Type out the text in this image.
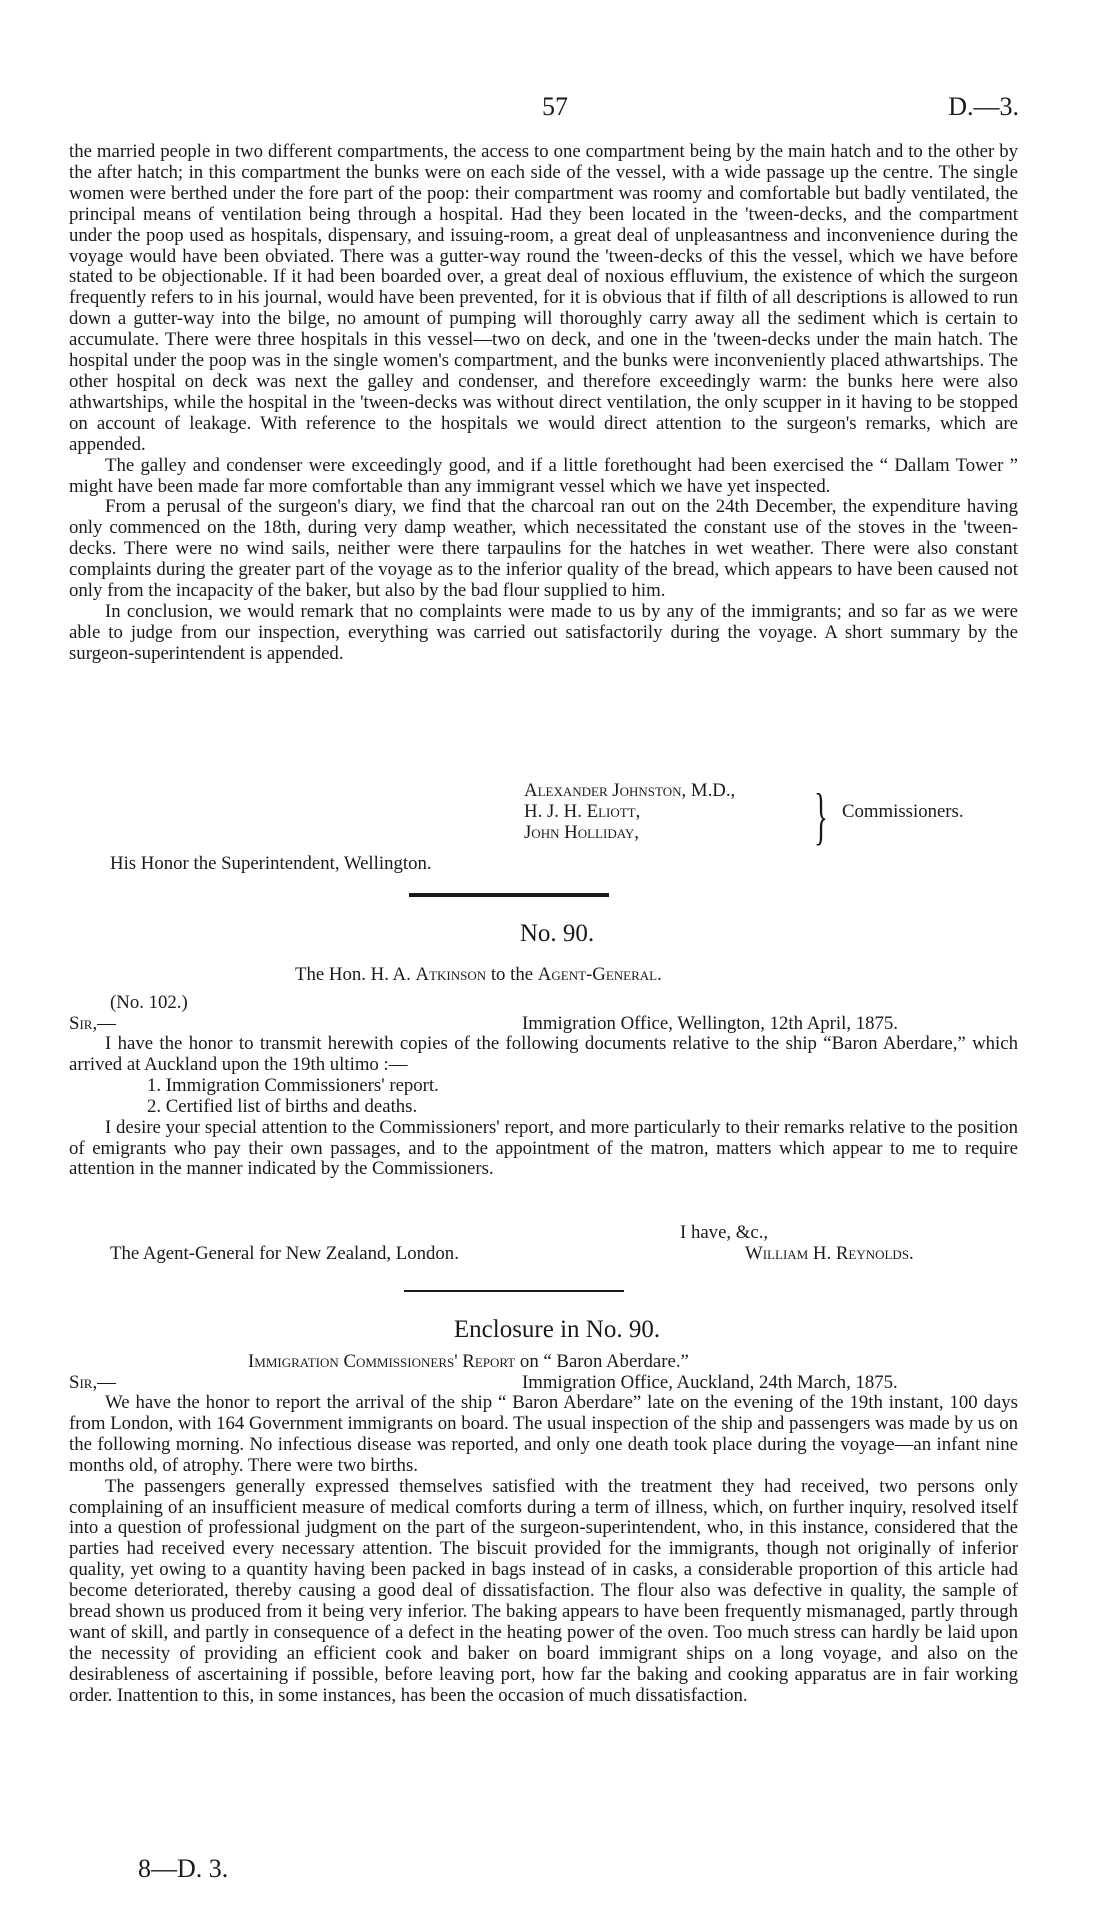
57	D.—3.

the married people in two different compartments, the access to one compartment being by the main hatch and to the other by the after hatch; in this compartment the bunks were on each side of the vessel, with a wide passage up the centre. The single women were berthed under the fore part of the poop: their compartment was roomy and comfortable but badly ventilated, the principal means of ventilation being through a hospital. Had they been located in the 'tween-decks, and the compartment under the poop used as hospitals, dispensary, and issuing-room, a great deal of unpleasantness and inconvenience during the voyage would have been obviated. There was a gutter-way round the 'tween-decks of this the vessel, which we have before stated to be objectionable. If it had been boarded over, a great deal of noxious effluvium, the existence of which the surgeon frequently refers to in his journal, would have been prevented, for it is obvious that if filth of all descriptions is allowed to run down a gutter-way into the bilge, no amount of pumping will thoroughly carry away all the sediment which is certain to accumulate. There were three hospitals in this vessel—two on deck, and one in the 'tween-decks under the main hatch. The hospital under the poop was in the single women's compartment, and the bunks were inconveniently placed athwartships. The other hospital on deck was next the galley and condenser, and therefore exceedingly warm: the bunks here were also athwartships, while the hospital in the 'tween-decks was without direct ventilation, the only scupper in it having to be stopped on account of leakage. With reference to the hospitals we would direct attention to the surgeon's remarks, which are appended.

The galley and condenser were exceedingly good, and if a little forethought had been exercised the “ Dallam Tower ” might have been made far more comfortable than any immigrant vessel which we have yet inspected.

From a perusal of the surgeon's diary, we find that the charcoal ran out on the 24th December, the expenditure having only commenced on the 18th, during very damp weather, which necessitated the constant use of the stoves in the 'tween-decks. There were no wind sails, neither were there tarpaulins for the hatches in wet weather. There were also constant complaints during the greater part of the voyage as to the inferior quality of the bread, which appears to have been caused not only from the incapacity of the baker, but also by the bad flour supplied to him.

In conclusion, we would remark that no complaints were made to us by any of the immigrants; and so far as we were able to judge from our inspection, everything was carried out satisfactorily during the voyage. A short summary by the surgeon-superintendent is appended.

Alexander Johnston, M.D.,
H. J. H. Eliott,
John Holliday,	} Commissioners.
His Honor the Superintendent, Wellington.
No. 90.
The Hon. H. A. Atkinson to the Agent-General.
(No. 102.)
Sir,—	Immigration Office, Wellington, 12th April, 1875.

I have the honor to transmit herewith copies of the following documents relative to the ship “Baron Aberdare,” which arrived at Auckland upon the 19th ultimo :—

1. Immigration Commissioners' report.

2. Certified list of births and deaths.

I desire your special attention to the Commissioners' report, and more particularly to their remarks relative to the position of emigrants who pay their own passages, and to the appointment of the matron, matters which appear to me to require attention in the manner indicated by the Commissioners.

I have, &c.,
The Agent-General for New Zealand, London.	William H. Reynolds.
Enclosure in No. 90.
Immigration Commissioners' Report on “ Baron Aberdare.”
Sir,—	Immigration Office, Auckland, 24th March, 1875.

We have the honor to report the arrival of the ship “ Baron Aberdare” late on the evening of the 19th instant, 100 days from London, with 164 Government immigrants on board. The usual inspection of the ship and passengers was made by us on the following morning. No infectious disease was reported, and only one death took place during the voyage—an infant nine months old, of atrophy. There were two births.

The passengers generally expressed themselves satisfied with the treatment they had received, two persons only complaining of an insufficient measure of medical comforts during a term of illness, which, on further inquiry, resolved itself into a question of professional judgment on the part of the surgeon-superintendent, who, in this instance, considered that the parties had received every necessary attention. The biscuit provided for the immigrants, though not originally of inferior quality, yet owing to a quantity having been packed in bags instead of in casks, a considerable proportion of this article had become deteriorated, thereby causing a good deal of dissatisfaction. The flour also was defective in quality, the sample of bread shown us produced from it being very inferior. The baking appears to have been frequently mismanaged, partly through want of skill, and partly in consequence of a defect in the heating power of the oven. Too much stress can hardly be laid upon the necessity of providing an efficient cook and baker on board immigrant ships on a long voyage, and also on the desirableness of ascertaining if possible, before leaving port, how far the baking and cooking apparatus are in fair working order. Inattention to this, in some instances, has been the occasion of much dissatisfaction.

8—D. 3.
